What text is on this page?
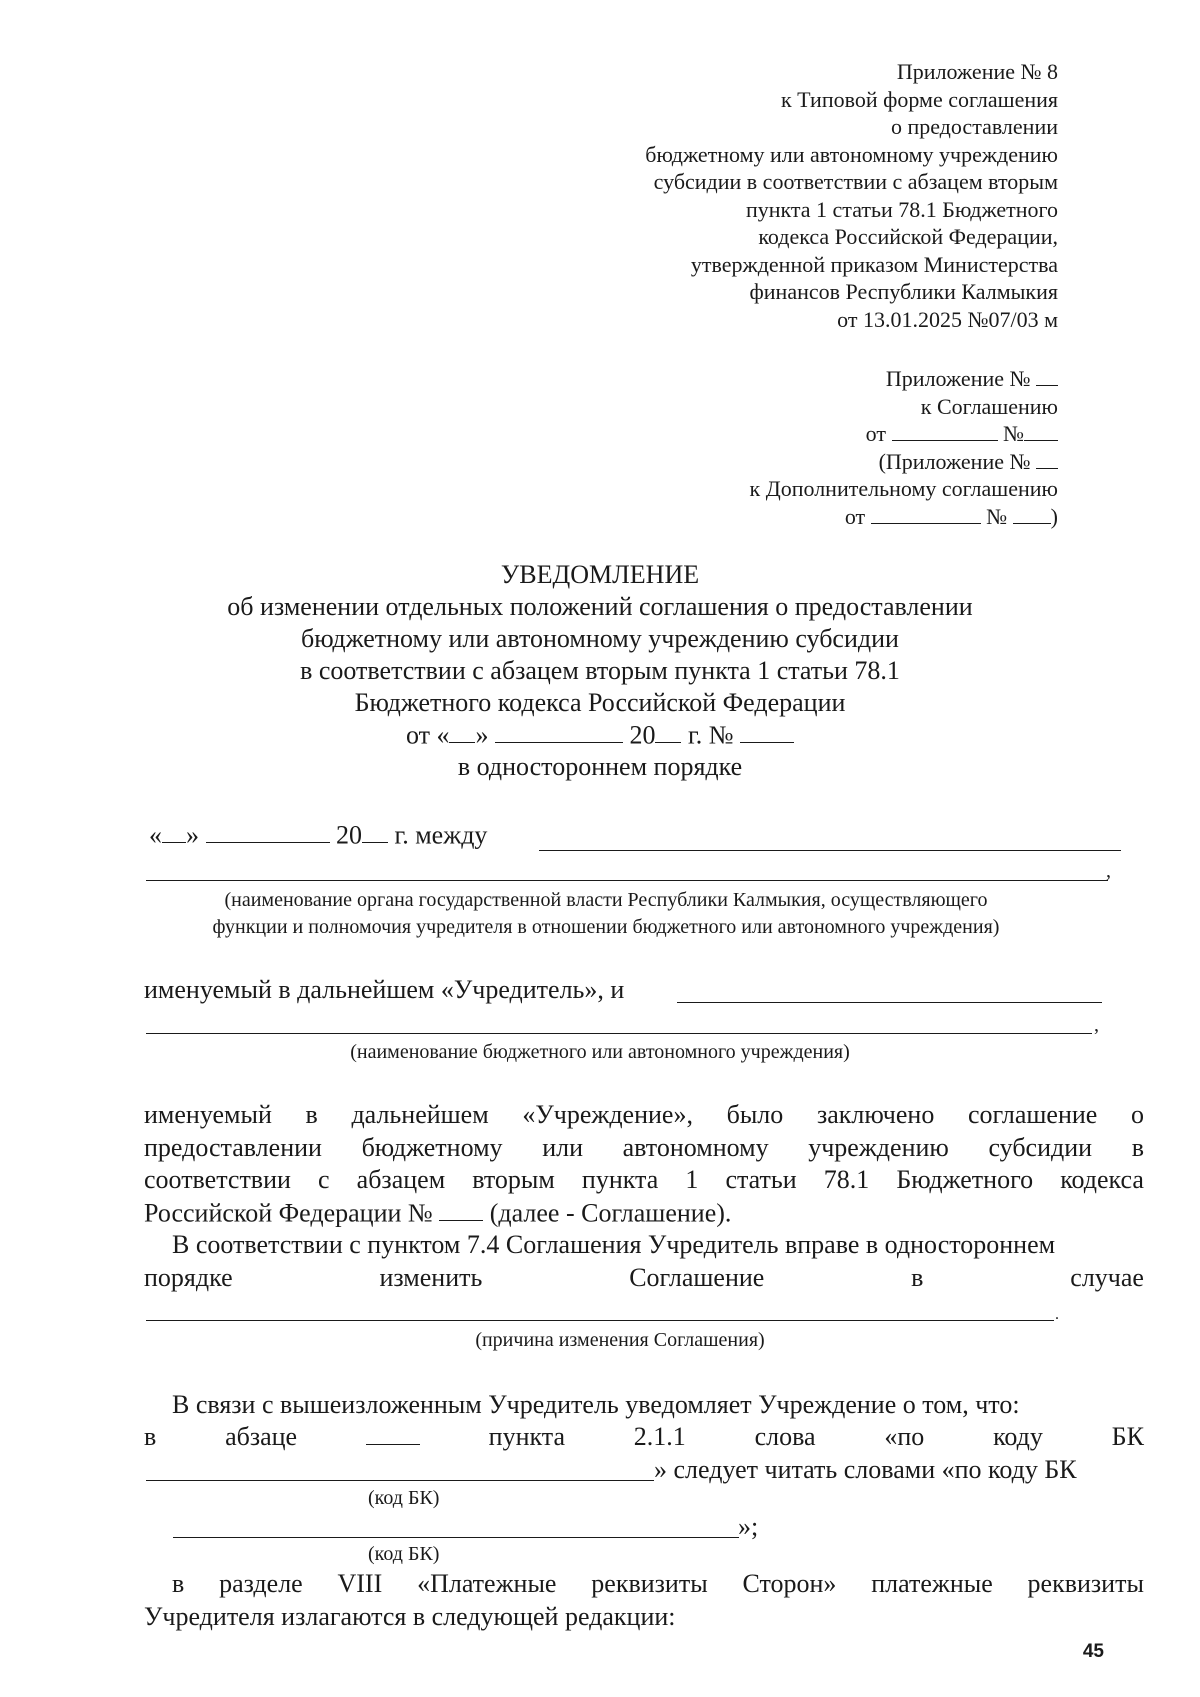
Приложение № 8
к Типовой форме соглашения
о предоставлении
бюджетному или автономному учреждению
субсидии в соответствии с абзацем вторым
пункта 1 статьи 78.1 Бюджетного
кодекса Российской Федерации,
утвержденной приказом Министерства
финансов Республики Калмыкия
от 13.01.2025 №07/03 м
Приложение №
к Соглашению
от	№
(Приложение №
к Дополнительному соглашению
от	№ )
УВЕДОМЛЕНИЕ
об изменении отдельных положений соглашения о предоставлении
бюджетному или автономному учреждению субсидии
в соответствии с абзацем вторым пункта 1 статьи 78.1
Бюджетного кодекса Российской Федерации
от « »	20 г. №
в одностороннем порядке
« »	20 г. между
,
(наименование органа государственной власти Республики Калмыкия, осуществляющего
функции и полномочия учредителя в отношении бюджетного или автономного учреждения)
именуемый в дальнейшем «Учредитель», и
,
(наименование бюджетного или автономного учреждения)
именуемый в дальнейшем «Учреждение», было заключено соглашение о
предоставлении бюджетному или автономному учреждению субсидии в
соответствии с абзацем вторым пункта 1 статьи 78.1 Бюджетного кодекса
Российской Федерации № (далее - Соглашение).
В соответствии с пунктом 7.4 Соглашения Учредитель вправе в одностороннем
порядке	изменить	Соглашение	в	случае
.
(причина изменения Соглашения)
В связи с вышеизложенным Учредитель уведомляет Учреждение о том, что:
в	абзаце	пункта	2.1.1	слова	«по	коду	БК
» следует читать словами «по коду БК
(код БК)
»;
(код БК)
в разделе VIII «Платежные реквизиты Сторон» платежные реквизиты
Учредителя излагаются в следующей редакции:
45
